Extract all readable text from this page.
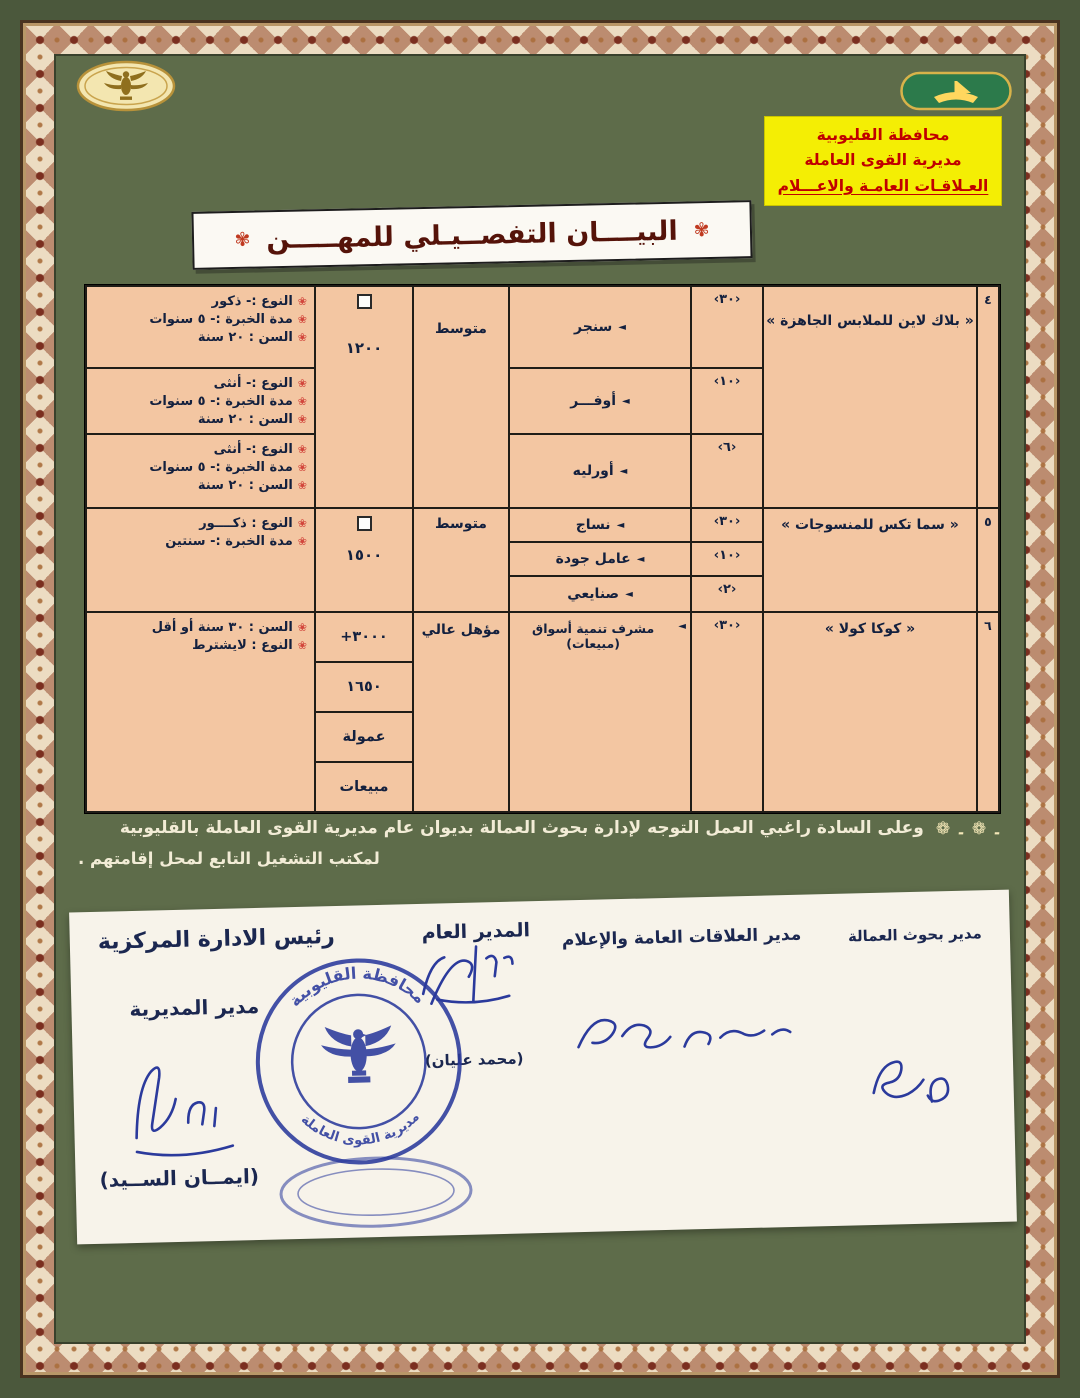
محافظة القليوبية
مديرية القوى العاملة
العـلاقـات العامـة والاعـــلام
✾
البيــــان التفصــيـلي للمهـــــن
✾
٤
« بلاك لاين للملابس الجاهزة »
‹٣٠›
◄
سنجر
‹١٠›
◄
أوفـــر
‹٦›
◄
أورليه
متوسط
١٢٠٠
❀
النوع :- ذكور
❀
مدة الخبرة :- ٥ سنوات
❀
السن : ٢٠ سنة
❀
النوع :- أنثى
❀
مدة الخبرة :- ٥ سنوات
❀
السن : ٢٠ سنة
❀
النوع :- أنثى
❀
مدة الخبرة :- ٥ سنوات
❀
السن : ٢٠ سنة
٥
« سما تكس للمنسوجات »
‹٣٠›
◄
نساج
‹١٠›
◄
عامل جودة
‹٢›
◄
صنايعي
متوسط
١٥٠٠
❀
النوع : ذكــــور
❀
مدة الخبرة :- سنتين
٦
« كوكا كولا »
‹٣٠›
◄
مشرف تنمية أسواق (مبيعات)
مؤهل عالي
٣٠٠٠+
١٦٥٠
عمولة
مبيعات
❀
السن : ٣٠ سنة أو أقل
❀
النوع : لايشترط
۔ ❁ ۔ ❁
وعلى السادة راغبي العمل التوجه لإدارة بحوث العمالة بديوان عام مديرية القوى العاملة بالقليوبية
لمكتب التشغيل التابع لمحل إقامتهم .
مدير بحوث العمالة
مدير العلاقات العامة والإعلام
المدير العام
رئيس الادارة المركزية
مدير المديرية
(محمد عليان)
(ايمــان الســيد)
محافظة القليوبية
مديرية القوى العاملة
